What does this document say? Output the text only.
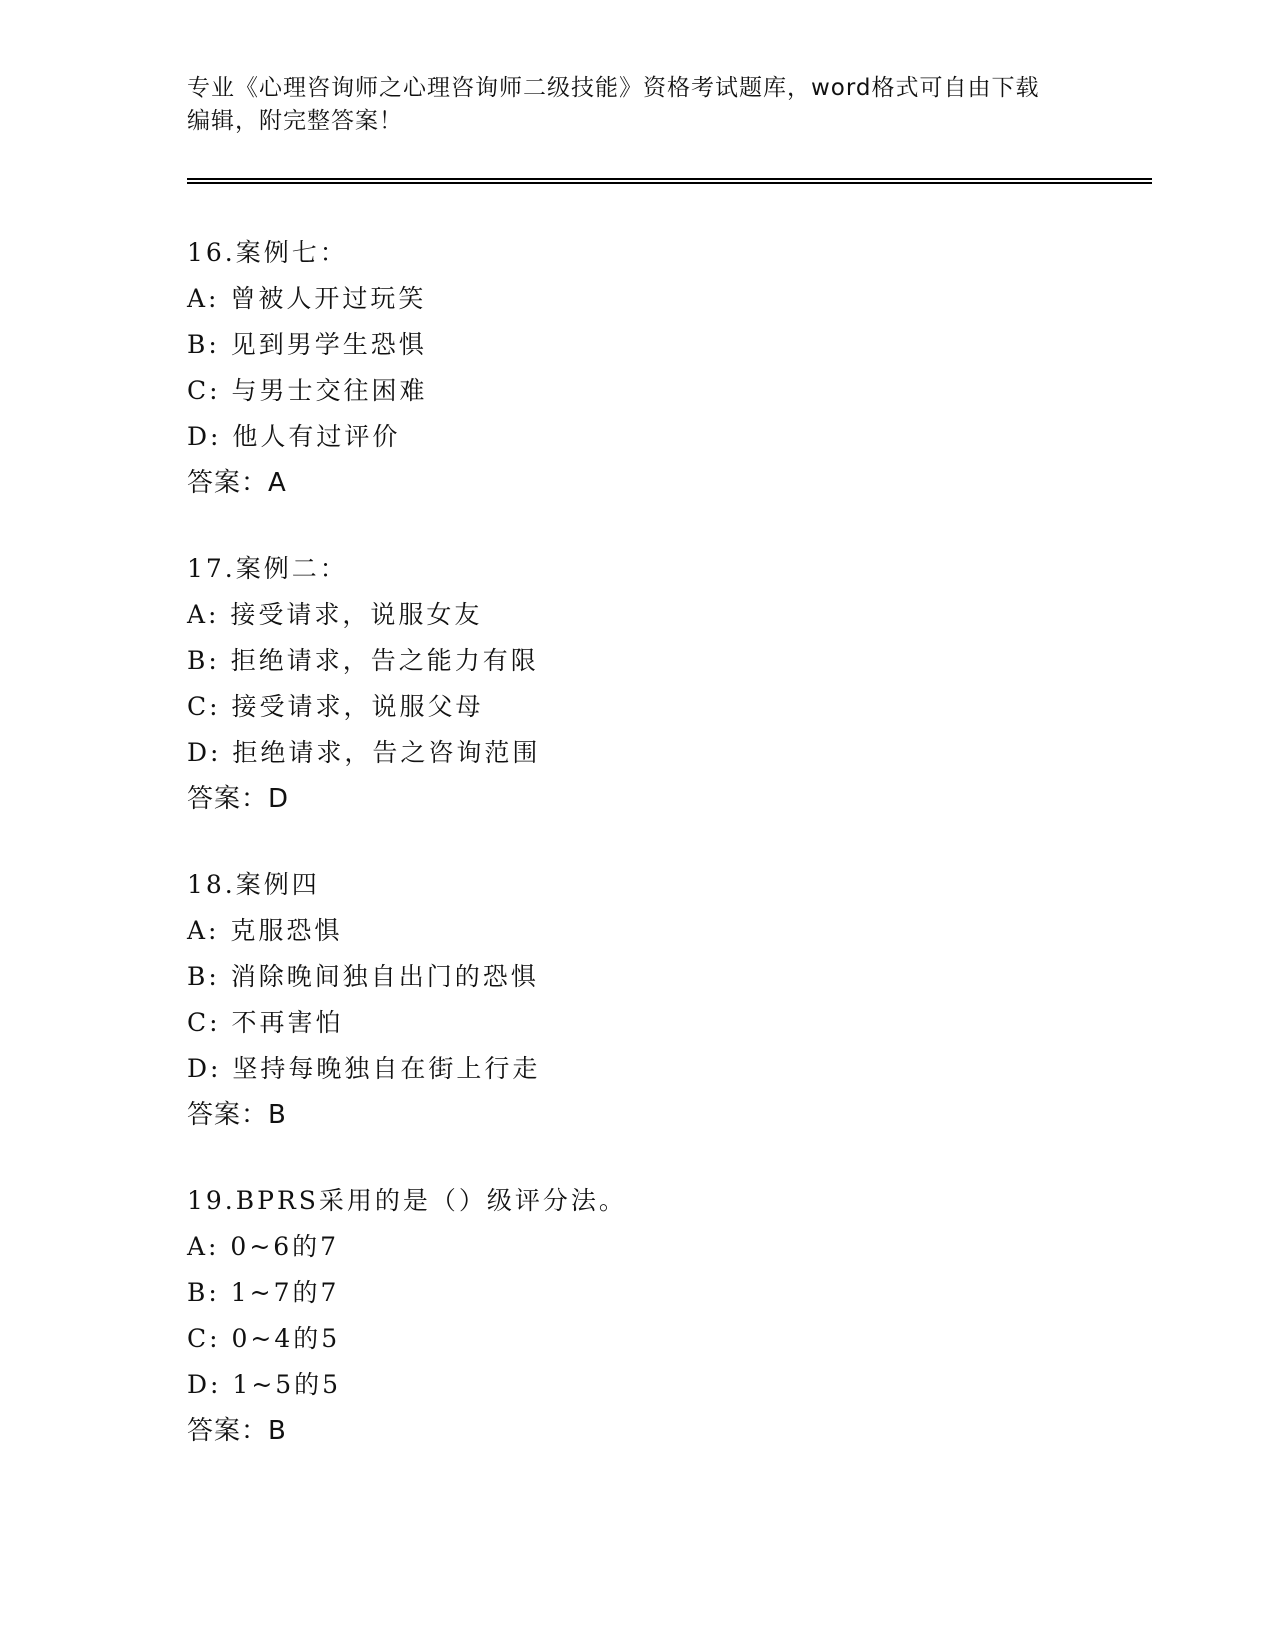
专业《心理咨询师之心理咨询师二级技能》资格考试题库，word格式可自由下载
编辑，附完整答案！
16.案例七：
A: 曾被人开过玩笑
B: 见到男学生恐惧
C: 与男士交往困难
D: 他人有过评价
答案：A
17.案例二：
A: 接受请求，说服女友
B: 拒绝请求，告之能力有限
C: 接受请求，说服父母
D: 拒绝请求，告之咨询范围
答案：D
18.案例四
A: 克服恐惧
B: 消除晚间独自出门的恐惧
C: 不再害怕
D: 坚持每晚独自在街上行走
答案：B
19.BPRS采用的是（）级评分法。
A: 0~6的7
B: 1~7的7
C: 0~4的5
D: 1~5的5
答案：B
